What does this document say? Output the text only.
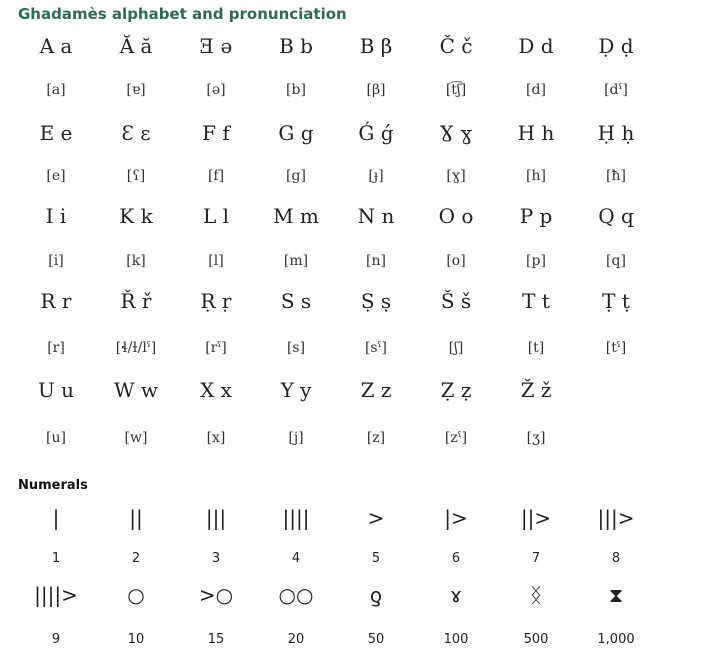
Ghadamès alphabet and pronunciation
A a	Ă ă	Ǝ ə	B b	Β β	Č č	D d	Ḍ ḍ
[a]	[ɐ]	[ə]	[b]	[β]	[t͡ʃ]	[d]	[dˤ]
E e	Ɛ ɛ	F f	G g	Ǵ ǵ	Ɣ ɣ	H h	Ḥ ḥ
[e]	[ʕ]	[f]	[g]	[ɟ]	[ɣ]	[h]	[ħ]
I i	K k	L l	M m	N n	O o	P p	Q q
[i]	[k]	[l]	[m]	[n]	[o]	[p]	[q]
R r	Ř ř	Ṛ ṛ	S s	Ṣ ṣ	Š š	T t	Ṭ ṭ
[r]	[ɬ/ɫ/lˤ]	[rˤ]	[s]	[sˤ]	[ʃ]	[t]	[tˤ]
U u	W w	X x	Y y	Z z	Ẓ ẓ	Ž ž
[u]	[w]	[x]	[j]	[z]	[zˤ]	[ʒ]
Numerals
|	||	|||	||||	>	|>	||>	|||>
1	2	3	4	5	6	7	8
||||>	○	>○	○○	ƍ	ɤ	ᛝ	⧗
9	10	15	20	50	100	500	1,000
